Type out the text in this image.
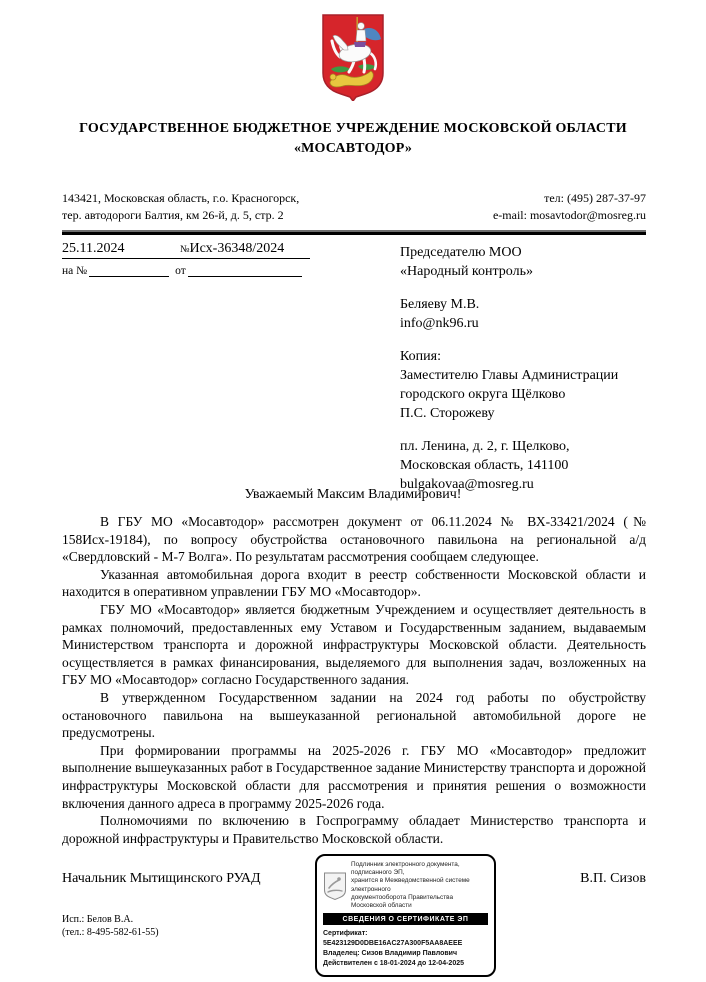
ГОСУДАРСТВЕННОЕ БЮДЖЕТНОЕ УЧРЕЖДЕНИЕ МОСКОВСКОЙ ОБЛАСТИ
«МОСАВТОДОР»
143421, Московская область, г.о. Красногорск,
тер. автодороги Балтия, км 26-й, д. 5, стр. 2
тел: (495) 287-37-97
e-mail: mosavtodor@mosreg.ru
25.11.2024	№Исх-36348/2024
на №	от
Председателю МОО
«Народный контроль»
Беляеву М.В.
info@nk96.ru
Копия:
Заместителю Главы Администрации
городского округа Щёлково
П.С. Сторожеву
пл. Ленина, д. 2, г. Щелково,
Московская область, 141100
bulgakovaa@mosreg.ru
Уважаемый Максим Владимирович!

В ГБУ МО «Мосавтодор» рассмотрен документ от 06.11.2024 № ВХ-33421/2024 (№ 158Исх-19184), по вопросу обустройства остановочного павильона на региональной а/д «Свердловский - М-7 Волга». По результатам рассмотрения сообщаем следующее.

Указанная автомобильная дорога входит в реестр собственности Московской области и находится в оперативном управлении ГБУ МО «Мосавтодор».

ГБУ МО «Мосавтодор» является бюджетным Учреждением и осуществляет деятельность в рамках полномочий, предоставленных ему Уставом и Государственным заданием, выдаваемым Министерством транспорта и дорожной инфраструктуры Московской области. Деятельность осуществляется в рамках финансирования, выделяемого для выполнения задач, возложенных на ГБУ МО «Мосавтодор» согласно Государственного задания.

В утвержденном Государственном задании на 2024 год работы по обустройству остановочного павильона на вышеуказанной региональной автомобильной дороге не предусмотрены.

При формировании программы на 2025-2026 г. ГБУ МО «Мосавтодор» предложит выполнение вышеуказанных работ в Государственное задание Министерству транспорта и дорожной инфраструктуры Московской области для рассмотрения и принятия решения о возможности включения данного адреса в программу 2025-2026 года.

Полномочиями по включению в Госпрограмму обладает Министерство транспорта и дорожной инфраструктуры и Правительство Московской области.

Начальник Мытищинского РУАД	В.П. Сизов
Подлинник электронного документа, подписанного ЭП,
хранится в Межведомственной системе электронного
документооборота Правительства Московской области
СВЕДЕНИЯ О СЕРТИФИКАТЕ ЭП
Сертификат: 5E423129D0DBE16AC27A300F5AA8AEEE
Владелец: Сизов Владимир Павлович
Действителен с 18-01-2024 до 12-04-2025
Исп.: Белов В.А.
(тел.: 8-495-582-61-55)
